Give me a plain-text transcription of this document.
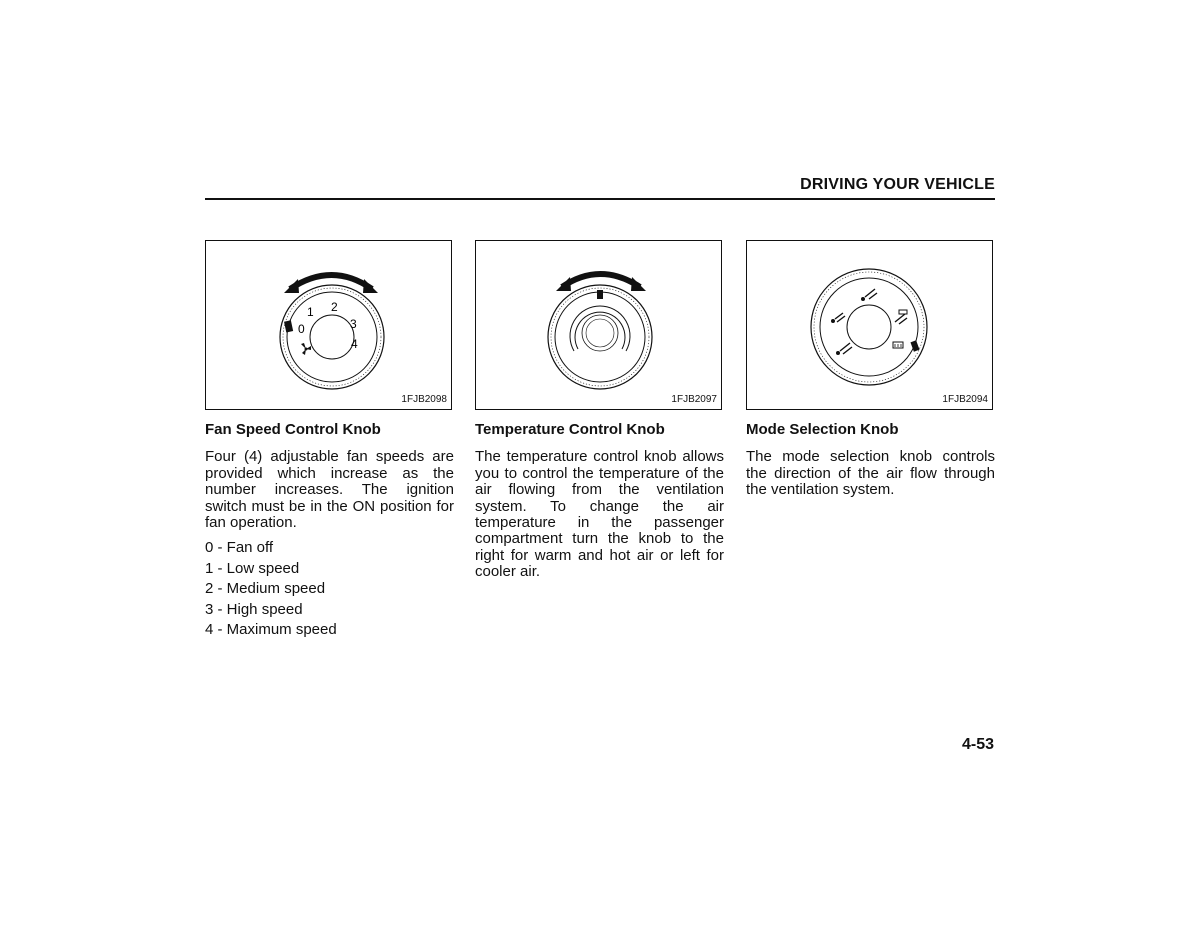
DRIVING YOUR VEHICLE
0
1 2
3
4
1FJB2098	1FJB2097	1FJB2094
Fan Speed Control Knob

Four (4) adjustable fan speeds are provided which increase as the number increases. The ignition switch must be in the ON position for fan operation.

0 - Fan off
1 - Low speed
2 - Medium speed
3 - High speed
4 - Maximum speed
Temperature Control Knob

The temperature control knob allows you to control the temperature of the air flowing from the ventilation system. To change the air temperature in the passenger compartment turn the knob to the right for warm and hot air or left for cooler air.

Mode Selection Knob

The mode selection knob controls the direction of the air flow through the ventilation system.

4-53
